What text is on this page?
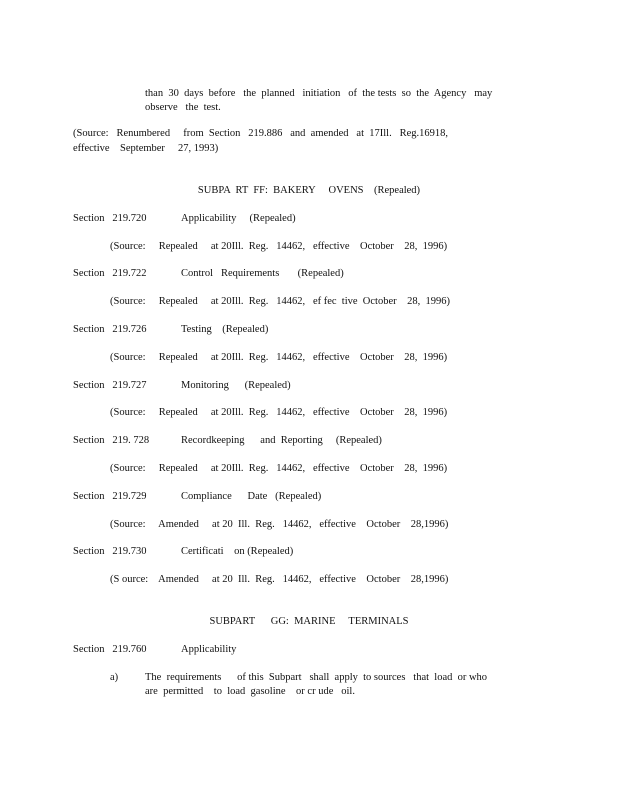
than  30  days  before   the  planned   initiation   of  the tests  so  the  Agency   may
observe   the  test.
(Source:   Renumbered     from  Section   219.886   and  amended   at  17Ill.   Reg.16918,
effective    September     27, 1993)
SUBPA  RT  FF:  BAKERY     OVENS    (Repealed)
Section   219.720	Applicability     (Repealed)
(Source:     Repealed     at 20Ill.  Reg.   14462,   effective    October    28,  1996)
Section   219.722	Control   Requirements       (Repealed)
(Source:     Repealed     at 20Ill.  Reg.   14462,   ef fec  tive  October    28,  1996)
Section   219.726	Testing    (Repealed)
(Source:     Repealed     at 20Ill.  Reg.   14462,   effective    October    28,  1996)
Section   219.727	Monitoring      (Repealed)
(Source:     Repealed     at 20Ill.  Reg.   14462,   effective    October    28,  1996)
Section   219. 728	Recordkeeping      and  Reporting     (Repealed)
(Source:     Repealed     at 20Ill.  Reg.   14462,   effective    October    28,  1996)
Section   219.729	Compliance      Date   (Repealed)
(Source:     Amended     at 20  Ill.  Reg.   14462,   effective    October    28,1996)
Section   219.730	Certificati    on (Repealed)
(S ource:    Amended     at 20  Ill.  Reg.   14462,   effective    October    28,1996)
SUBPART      GG:  MARINE     TERMINALS
Section   219.760	Applicability
a)	The  requirements      of this  Subpart   shall  apply  to sources   that  load  or who
are  permitted    to  load  gasoline    or cr ude   oil.
